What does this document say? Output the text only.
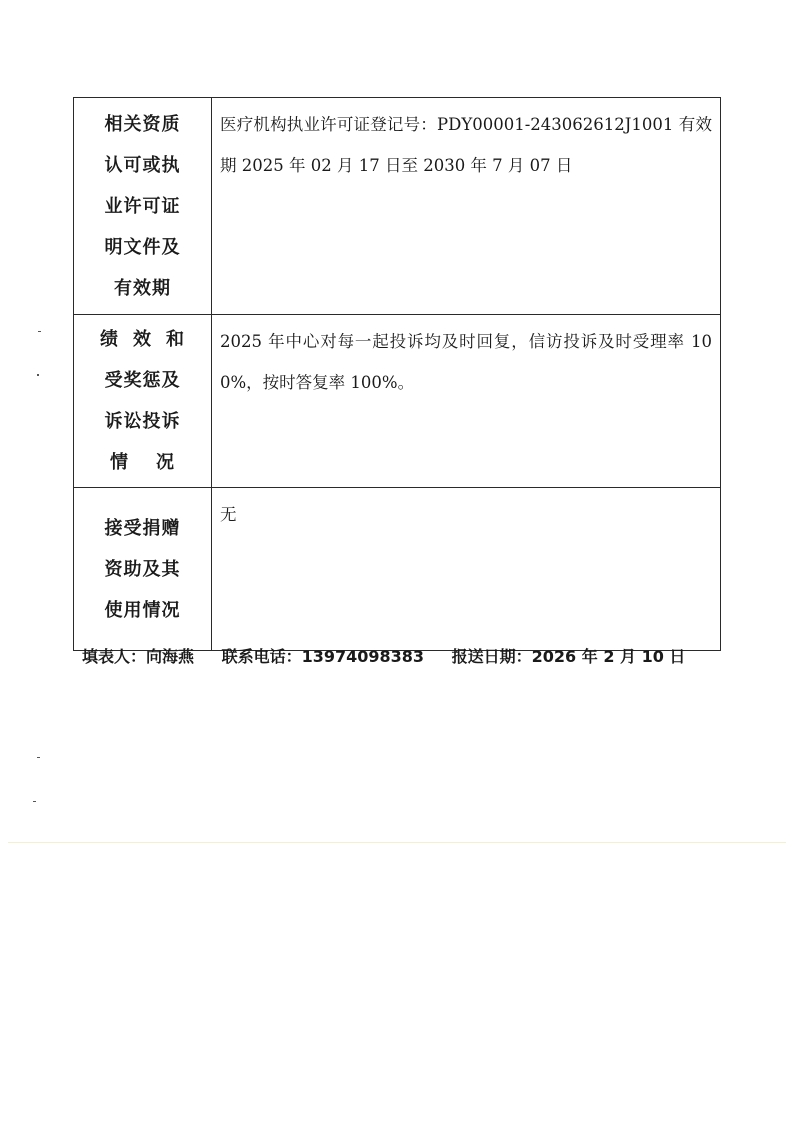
相关资质
认可或执
业许可证
明文件及
有效期	医疗机构执业许可证登记号：PDY00001-243062612J1001 有效期 2025 年 02 月 17 日至 2030 年 7 月 07 日

绩效和
受奖惩及
诉讼投诉
情况	2025 年中心对每一起投诉均及时回复，信访投诉及时受理率 100%，按时答复率 100%。

接受捐赠
资助及其
使用情况	无
填表人：向海燕 联系电话：13974098383 报送日期：2026 年 2 月 10 日
